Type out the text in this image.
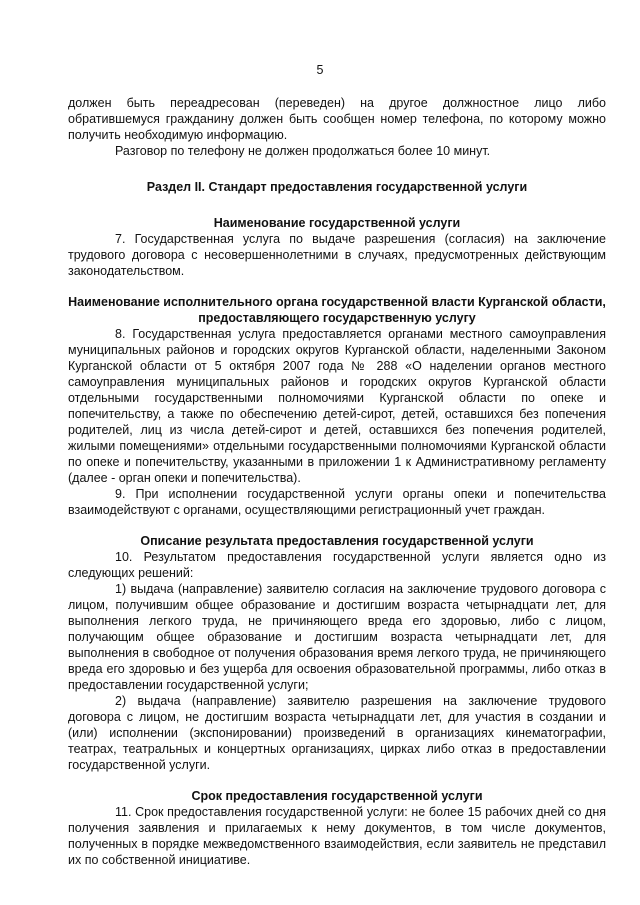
5

должен быть переадресован (переведен) на другое должностное лицо либо обратившемуся гражданину должен быть сообщен номер телефона, по которому можно получить необходимую информацию.

Разговор по телефону не должен продолжаться более 10 минут.

Раздел II. Стандарт предоставления государственной услуги
Наименование государственной услуги

7. Государственная услуга по выдаче разрешения (согласия) на заключение трудового договора с несовершеннолетними в случаях, предусмотренных действующим законодательством.

Наименование исполнительного органа государственной власти Курганской области, предоставляющего государственную услугу

8. Государственная услуга предоставляется органами местного самоуправления муниципальных районов и городских округов Курганской области, наделенными Законом Курганской области от 5 октября 2007 года № 288 «О наделении органов местного самоуправления муниципальных районов и городских округов Курганской области отдельными государственными полномочиями Курганской области по опеке и попечительству, а также по обеспечению детей-сирот, детей, оставшихся без попечения родителей, лиц из числа детей-сирот и детей, оставшихся без попечения родителей, жилыми помещениями» отдельными государственными полномочиями Курганской области по опеке и попечительству, указанными в приложении 1 к Административному регламенту (далее - орган опеки и попечительства).

9. При исполнении государственной услуги органы опеки и попечительства взаимодействуют с органами, осуществляющими регистрационный учет граждан.

Описание результата предоставления государственной услуги

10. Результатом предоставления государственной услуги является одно из следующих решений:

1) выдача (направление) заявителю согласия на заключение трудового договора с лицом, получившим общее образование и достигшим возраста четырнадцати лет, для выполнения легкого труда, не причиняющего вреда его здоровью, либо с лицом, получающим общее образование и достигшим возраста четырнадцати лет, для выполнения в свободное от получения образования время легкого труда, не причиняющего вреда его здоровью и без ущерба для освоения образовательной программы, либо отказ в предоставлении государственной услуги;

2) выдача (направление) заявителю разрешения на заключение трудового договора с лицом, не достигшим возраста четырнадцати лет, для участия в создании и (или) исполнении (экспонировании) произведений в организациях кинематографии, театрах, театральных и концертных организациях, цирках либо отказ в предоставлении государственной услуги.

Срок предоставления государственной услуги

11. Срок предоставления государственной услуги: не более 15 рабочих дней со дня получения заявления и прилагаемых к нему документов, в том числе документов, полученных в порядке межведомственного взаимодействия, если заявитель не представил их по собственной инициативе.
